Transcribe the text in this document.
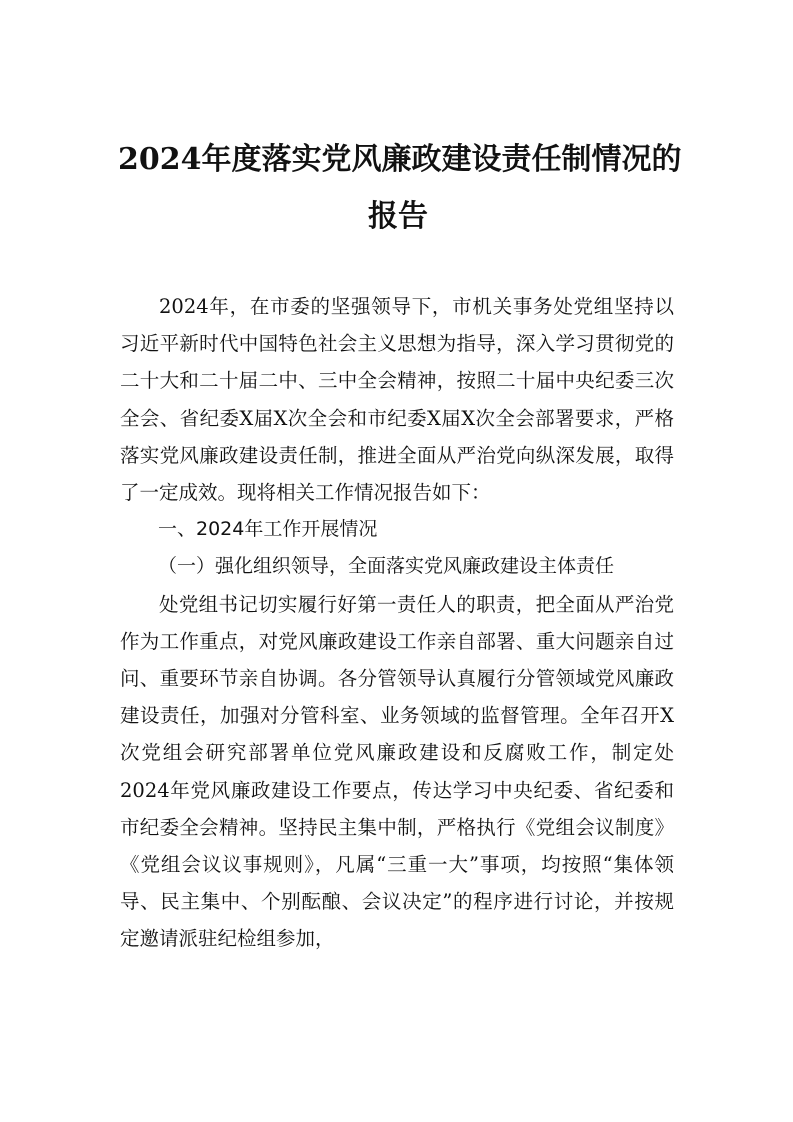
2024年度落实党风廉政建设责任制情况的
报告

2024年，在市委的坚强领导下，市机关事务处党组坚持以习近平新时代中国特色社会主义思想为指导，深入学习贯彻党的二十大和二十届二中、三中全会精神，按照二十届中央纪委三次全会、省纪委X届X次全会和市纪委X届X次全会部署要求，严格落实党风廉政建设责任制，推进全面从严治党向纵深发展，取得了一定成效。现将相关工作情况报告如下：

一、2024年工作开展情况

（一）强化组织领导，全面落实党风廉政建设主体责任

处党组书记切实履行好第一责任人的职责，把全面从严治党作为工作重点，对党风廉政建设工作亲自部署、重大问题亲自过问、重要环节亲自协调。各分管领导认真履行分管领域党风廉政建设责任，加强对分管科室、业务领域的监督管理。全年召开X次党组会研究部署单位党风廉政建设和反腐败工作，制定处2024年党风廉政建设工作要点，传达学习中央纪委、省纪委和市纪委全会精神。坚持民主集中制，严格执行《党组会议制度》《党组会议议事规则》，凡属“三重一大”事项，均按照“集体领导、民主集中、个别酝酿、会议决定”的程序进行讨论，并按规定邀请派驻纪检组参加，
